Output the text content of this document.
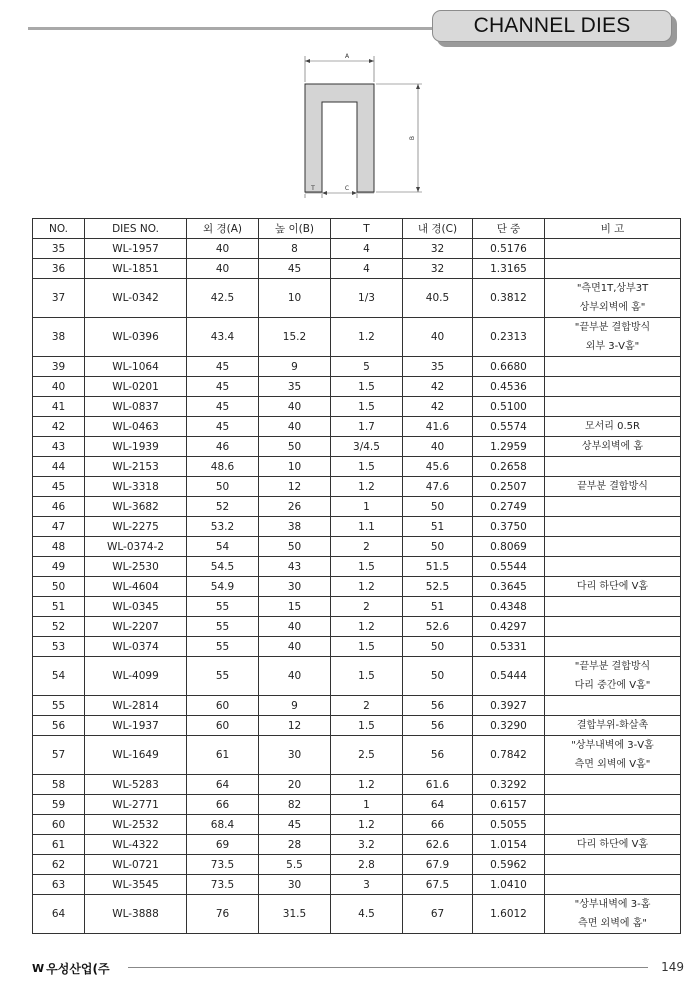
CHANNEL DIES
A
B
T	C
NO.	DIES NO.	외 경(A)	높 이(B)	T	내 경(C)	단 중	비 고
35	WL-1957	40	8	4	32	0.5176	
36	WL-1851	40	45	4	32	1.3165	
37	WL-0342	42.5	10	1/3	40.5	0.3812	"측면1T,상부3T
상부외벽에 홈"
38	WL-0396	43.4	15.2	1.2	40	0.2313	"끝부분 결합방식
외부 3-V홈"
39	WL-1064	45	9	5	35	0.6680	
40	WL-0201	45	35	1.5	42	0.4536	
41	WL-0837	45	40	1.5	42	0.5100	
42	WL-0463	45	40	1.7	41.6	0.5574	모서리 0.5R
43	WL-1939	46	50	3/4.5	40	1.2959	상부외벽에 홈
44	WL-2153	48.6	10	1.5	45.6	0.2658	
45	WL-3318	50	12	1.2	47.6	0.2507	끝부분 결합방식
46	WL-3682	52	26	1	50	0.2749	
47	WL-2275	53.2	38	1.1	51	0.3750	
48	WL-0374-2	54	50	2	50	0.8069	
49	WL-2530	54.5	43	1.5	51.5	0.5544	
50	WL-4604	54.9	30	1.2	52.5	0.3645	다리 하단에 V홈
51	WL-0345	55	15	2	51	0.4348	
52	WL-2207	55	40	1.2	52.6	0.4297	
53	WL-0374	55	40	1.5	50	0.5331	
54	WL-4099	55	40	1.5	50	0.5444	"끝부분 결합방식
다리 중간에 V홈"
55	WL-2814	60	9	2	56	0.3927	
56	WL-1937	60	12	1.5	56	0.3290	결합부위-화살촉
57	WL-1649	61	30	2.5	56	0.7842	"상부내벽에 3-V홈
측면 외벽에 V홈"
58	WL-5283	64	20	1.2	61.6	0.3292	
59	WL-2771	66	82	1	64	0.6157	
60	WL-2532	68.4	45	1.2	66	0.5055	
61	WL-4322	69	28	3.2	62.6	1.0154	다리 하단에 V홈
62	WL-0721	73.5	5.5	2.8	67.9	0.5962	
63	WL-3545	73.5	30	3	67.5	1.0410	
64	WL-3888	76	31.5	4.5	67	1.6012	"상부내벽에 3-홈
측면 외벽에 홈"
W 우성산업(주	149
